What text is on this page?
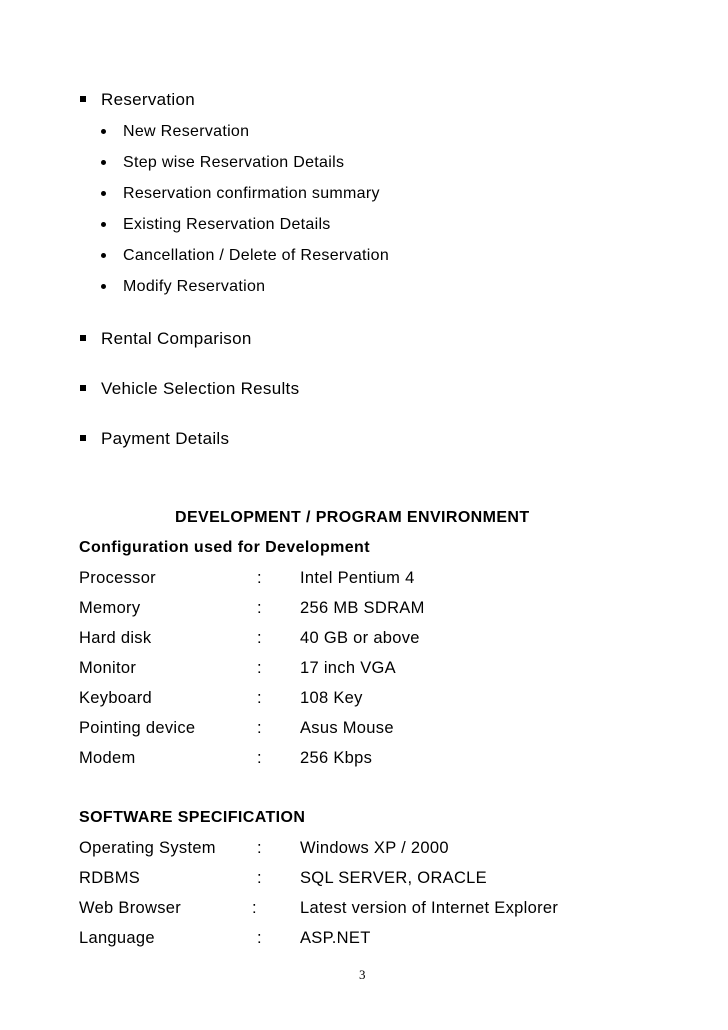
Reservation
New Reservation
Step wise Reservation Details
Reservation confirmation summary
Existing Reservation Details
Cancellation / Delete of Reservation
Modify Reservation
Rental Comparison
Vehicle Selection Results
Payment Details
DEVELOPMENT / PROGRAM ENVIRONMENT
Configuration used for Development
Processor	: Intel Pentium 4
Memory	: 256 MB SDRAM
Hard disk	: 40 GB or above
Monitor	: 17 inch VGA
Keyboard	: 108 Key
Pointing device	: Asus Mouse
Modem	: 256 Kbps
SOFTWARE SPECIFICATION
Operating System : Windows XP / 2000
RDBMS	: SQL SERVER, ORACLE
Web Browser	:	Latest version of Internet Explorer
Language	: ASP.NET
3
